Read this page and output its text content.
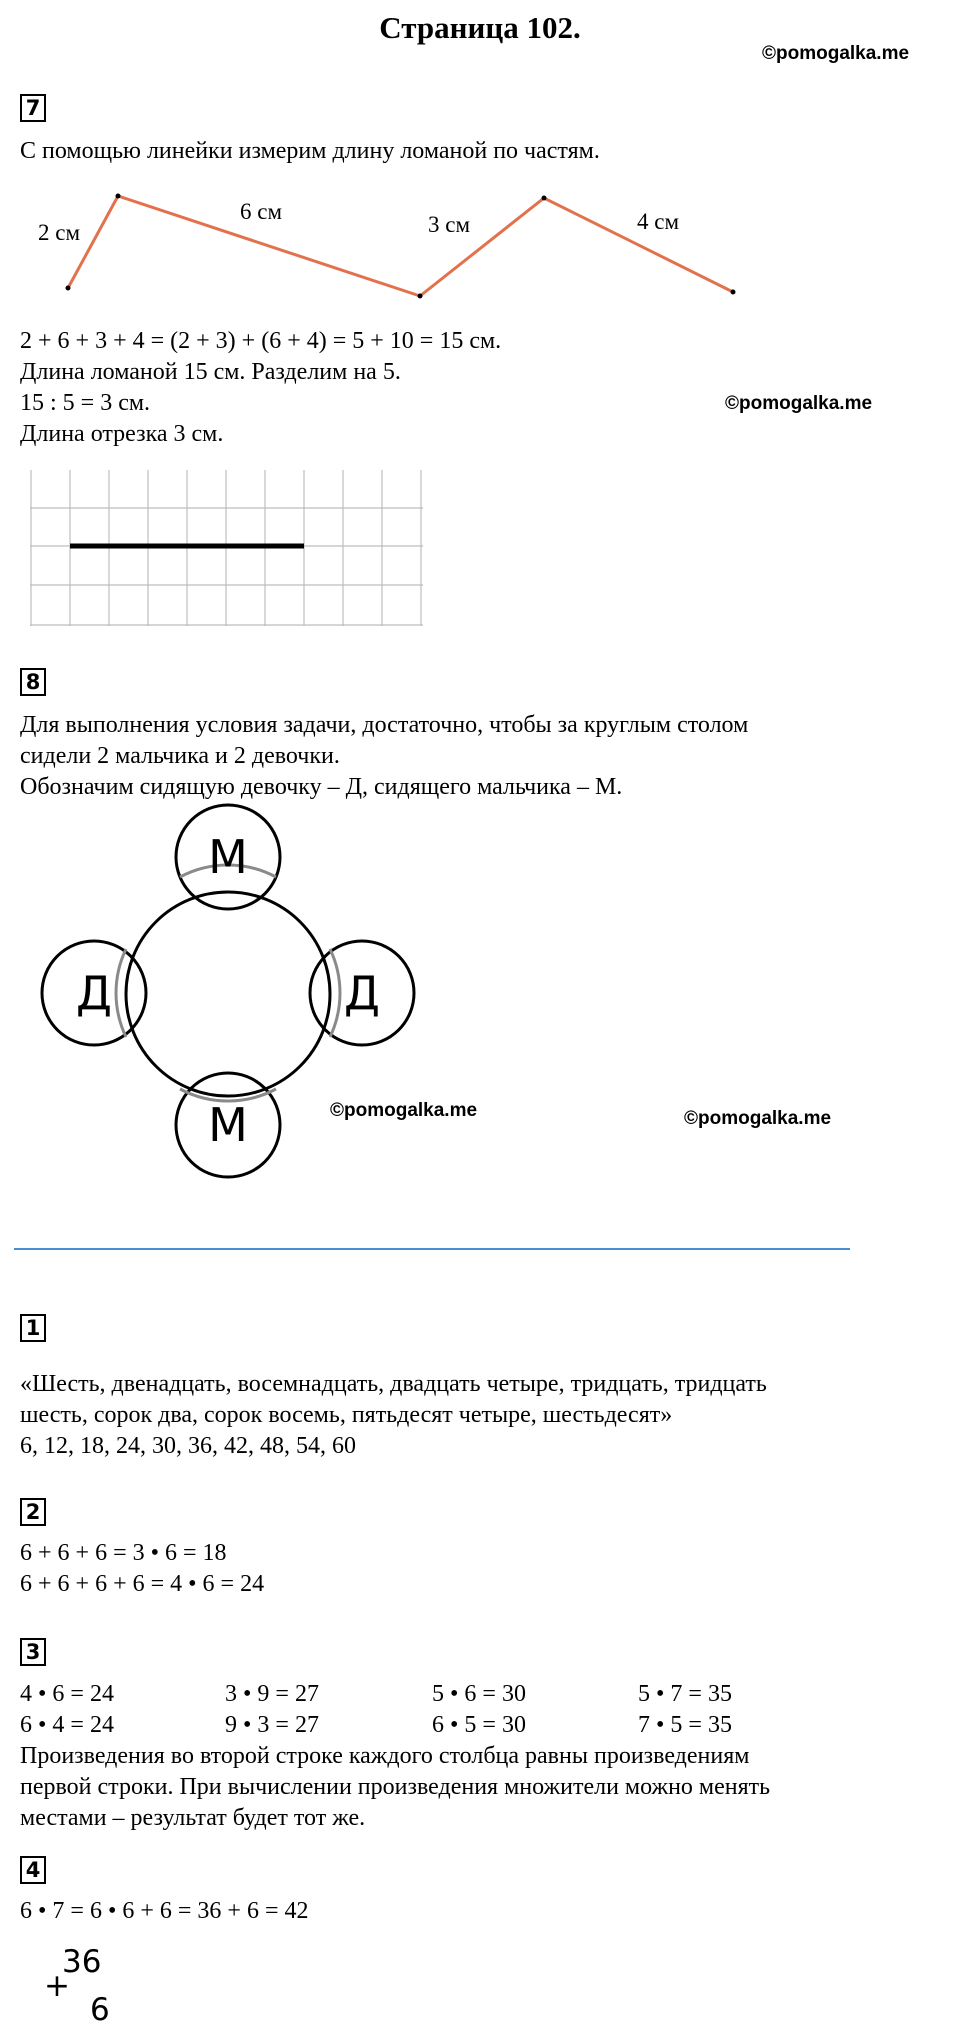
Страница 102.
©pomogalka.me
7
С помощью линейки измерим длину ломаной по частям.
2 см
6 см
3 см	4 см
2 + 6 + 3 + 4 = (2 + 3) + (6 + 4) = 5 + 10 = 15 см.
Длина ломаной 15 см. Разделим на 5.
15 : 5 = 3 см.	©pomogalka.me
Длина отрезка 3 см.
8
Для выполнения условия задачи, достаточно, чтобы за круглым столом
сидели 2 мальчика и 2 девочки.
Обозначим сидящую девочку – Д, сидящего мальчика – М.
М
Д	Д
М	©pomogalka.me	©pomogalka.me
1
«Шесть, двенадцать, восемнадцать, двадцать четыре, тридцать, тридцать
шесть, сорок два, сорок восемь, пятьдесят четыре, шестьдесят»
6, 12, 18, 24, 30, 36, 42, 48, 54, 60
2
6 + 6 + 6 = 3 • 6 = 18
6 + 6 + 6 + 6 = 4 • 6 = 24
3
4 • 6 = 24	3 • 9 = 27	5 • 6 = 30	5 • 7 = 35
6 • 4 = 24	9 • 3 = 27	6 • 5 = 30	7 • 5 = 35
Произведения во второй строке каждого столбца равны произведениям
первой строки. При вычислении произведения множители можно менять
местами – результат будет тот же.
4
6 • 7 = 6 • 6 + 6 = 36 + 6 = 42
36
+
6
